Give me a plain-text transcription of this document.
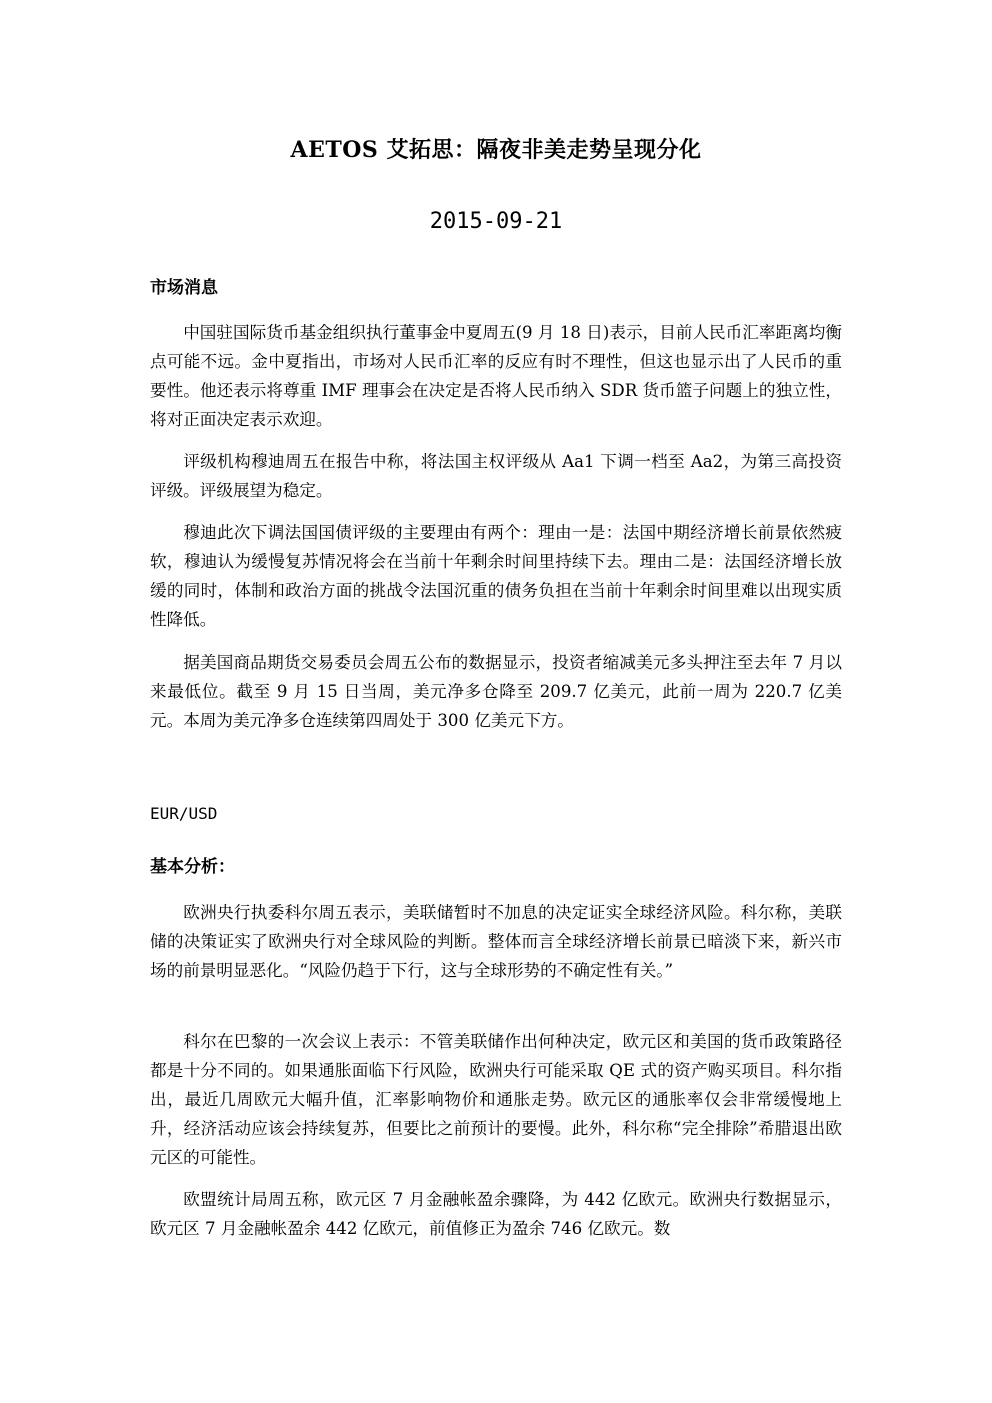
AETOS 艾拓思：隔夜非美走势呈现分化
2015-09-21
市场消息

中国驻国际货币基金组织执行董事金中夏周五(9 月 18 日)表示，目前人民币汇率距离均衡点可能不远。金中夏指出，市场对人民币汇率的反应有时不理性，但这也显示出了人民币的重要性。他还表示将尊重 IMF 理事会在决定是否将人民币纳入 SDR 货币篮子问题上的独立性，将对正面决定表示欢迎。

评级机构穆迪周五在报告中称，将法国主权评级从 Aa1 下调一档至 Aa2，为第三高投资评级。评级展望为稳定。

穆迪此次下调法国国债评级的主要理由有两个：理由一是：法国中期经济增长前景依然疲软，穆迪认为缓慢复苏情况将会在当前十年剩余时间里持续下去。理由二是：法国经济增长放缓的同时，体制和政治方面的挑战令法国沉重的债务负担在当前十年剩余时间里难以出现实质性降低。

据美国商品期货交易委员会周五公布的数据显示，投资者缩减美元多头押注至去年 7 月以来最低位。截至 9 月 15 日当周，美元净多仓降至 209.7 亿美元，此前一周为 220.7 亿美元。本周为美元净多仓连续第四周处于 300 亿美元下方。

EUR/USD
基本分析：

欧洲央行执委科尔周五表示，美联储暂时不加息的决定证实全球经济风险。科尔称，美联储的决策证实了欧洲央行对全球风险的判断。整体而言全球经济增长前景已暗淡下来，新兴市场的前景明显恶化。“风险仍趋于下行，这与全球形势的不确定性有关。”

科尔在巴黎的一次会议上表示：不管美联储作出何种决定，欧元区和美国的货币政策路径都是十分不同的。如果通胀面临下行风险，欧洲央行可能采取 QE 式的资产购买项目。科尔指出，最近几周欧元大幅升值，汇率影响物价和通胀走势。欧元区的通胀率仅会非常缓慢地上升，经济活动应该会持续复苏，但要比之前预计的要慢。此外，科尔称“完全排除”希腊退出欧元区的可能性。

欧盟统计局周五称，欧元区 7 月金融帐盈余骤降，为 442 亿欧元。欧洲央行数据显示，欧元区 7 月金融帐盈余 442 亿欧元，前值修正为盈余 746 亿欧元。数
